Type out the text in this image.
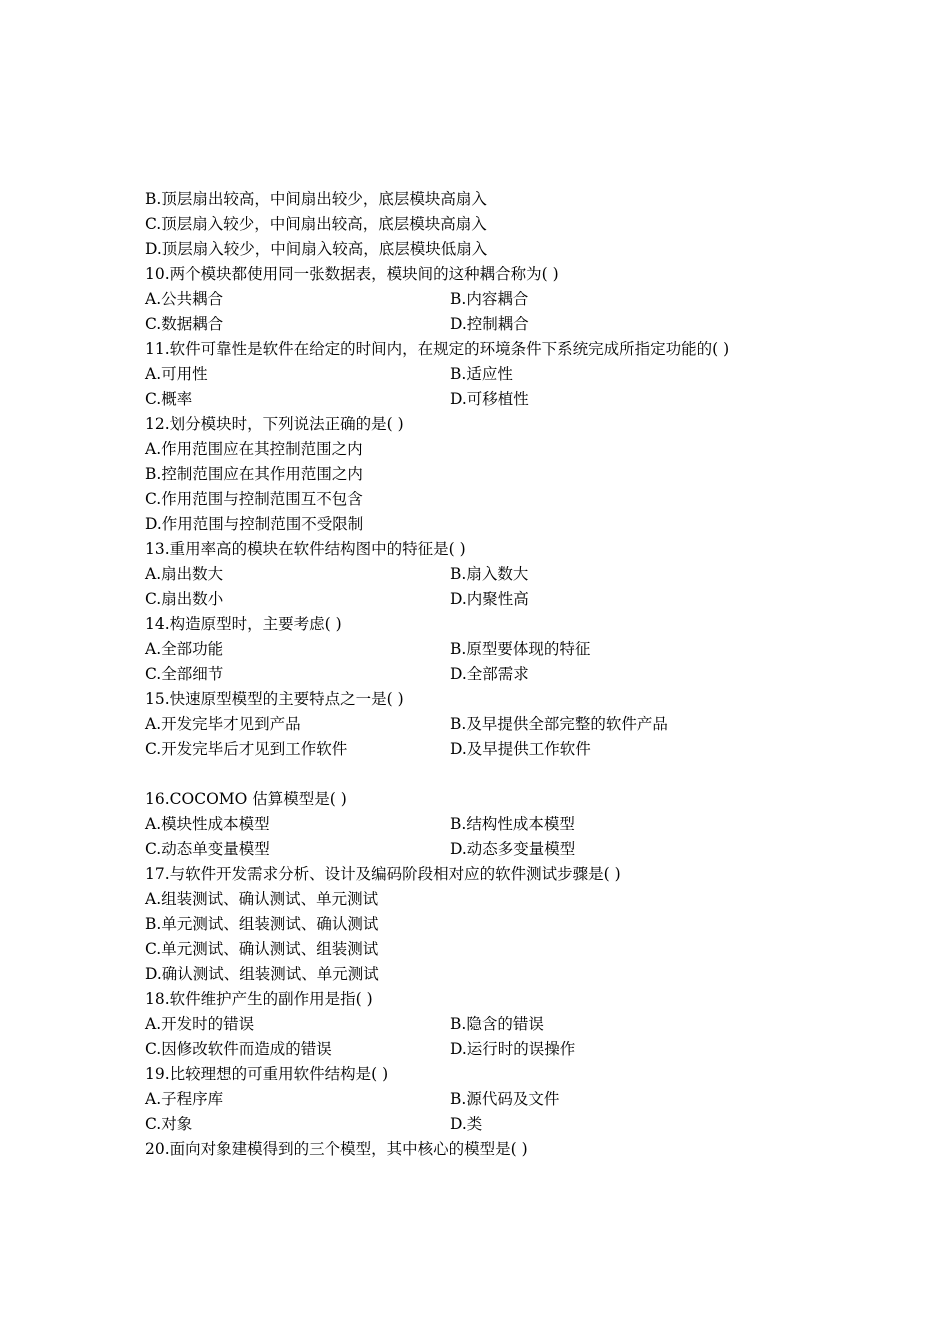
B.顶层扇出较高，中间扇出较少，底层模块高扇入
C.顶层扇入较少，中间扇出较高，底层模块高扇入
D.顶层扇入较少，中间扇入较高，底层模块低扇入
10.两个模块都使用同一张数据表，模块间的这种耦合称为( )
A.公共耦合	B.内容耦合
C.数据耦合	D.控制耦合
11.软件可靠性是软件在给定的时间内，在规定的环境条件下系统完成所指定功能的( )
A.可用性	B.适应性
C.概率	D.可移植性
12.划分模块时，下列说法正确的是( )
A.作用范围应在其控制范围之内
B.控制范围应在其作用范围之内
C.作用范围与控制范围互不包含
D.作用范围与控制范围不受限制
13.重用率高的模块在软件结构图中的特征是( )
A.扇出数大	B.扇入数大
C.扇出数小	D.内聚性高
14.构造原型时，主要考虑( )
A.全部功能	B.原型要体现的特征
C.全部细节	D.全部需求
15.快速原型模型的主要特点之一是( )
A.开发完毕才见到产品	B.及早提供全部完整的软件产品
C.开发完毕后才见到工作软件	D.及早提供工作软件
16.COCOMO 估算模型是( )
A.模块性成本模型	B.结构性成本模型
C.动态单变量模型	D.动态多变量模型
17.与软件开发需求分析、设计及编码阶段相对应的软件测试步骤是( )
A.组装测试、确认测试、单元测试
B.单元测试、组装测试、确认测试
C.单元测试、确认测试、组装测试
D.确认测试、组装测试、单元测试
18.软件维护产生的副作用是指( )
A.开发时的错误	B.隐含的错误
C.因修改软件而造成的错误	D.运行时的误操作
19.比较理想的可重用软件结构是( )
A.子程序库	B.源代码及文件
C.对象	D.类
20.面向对象建模得到的三个模型，其中核心的模型是( )
